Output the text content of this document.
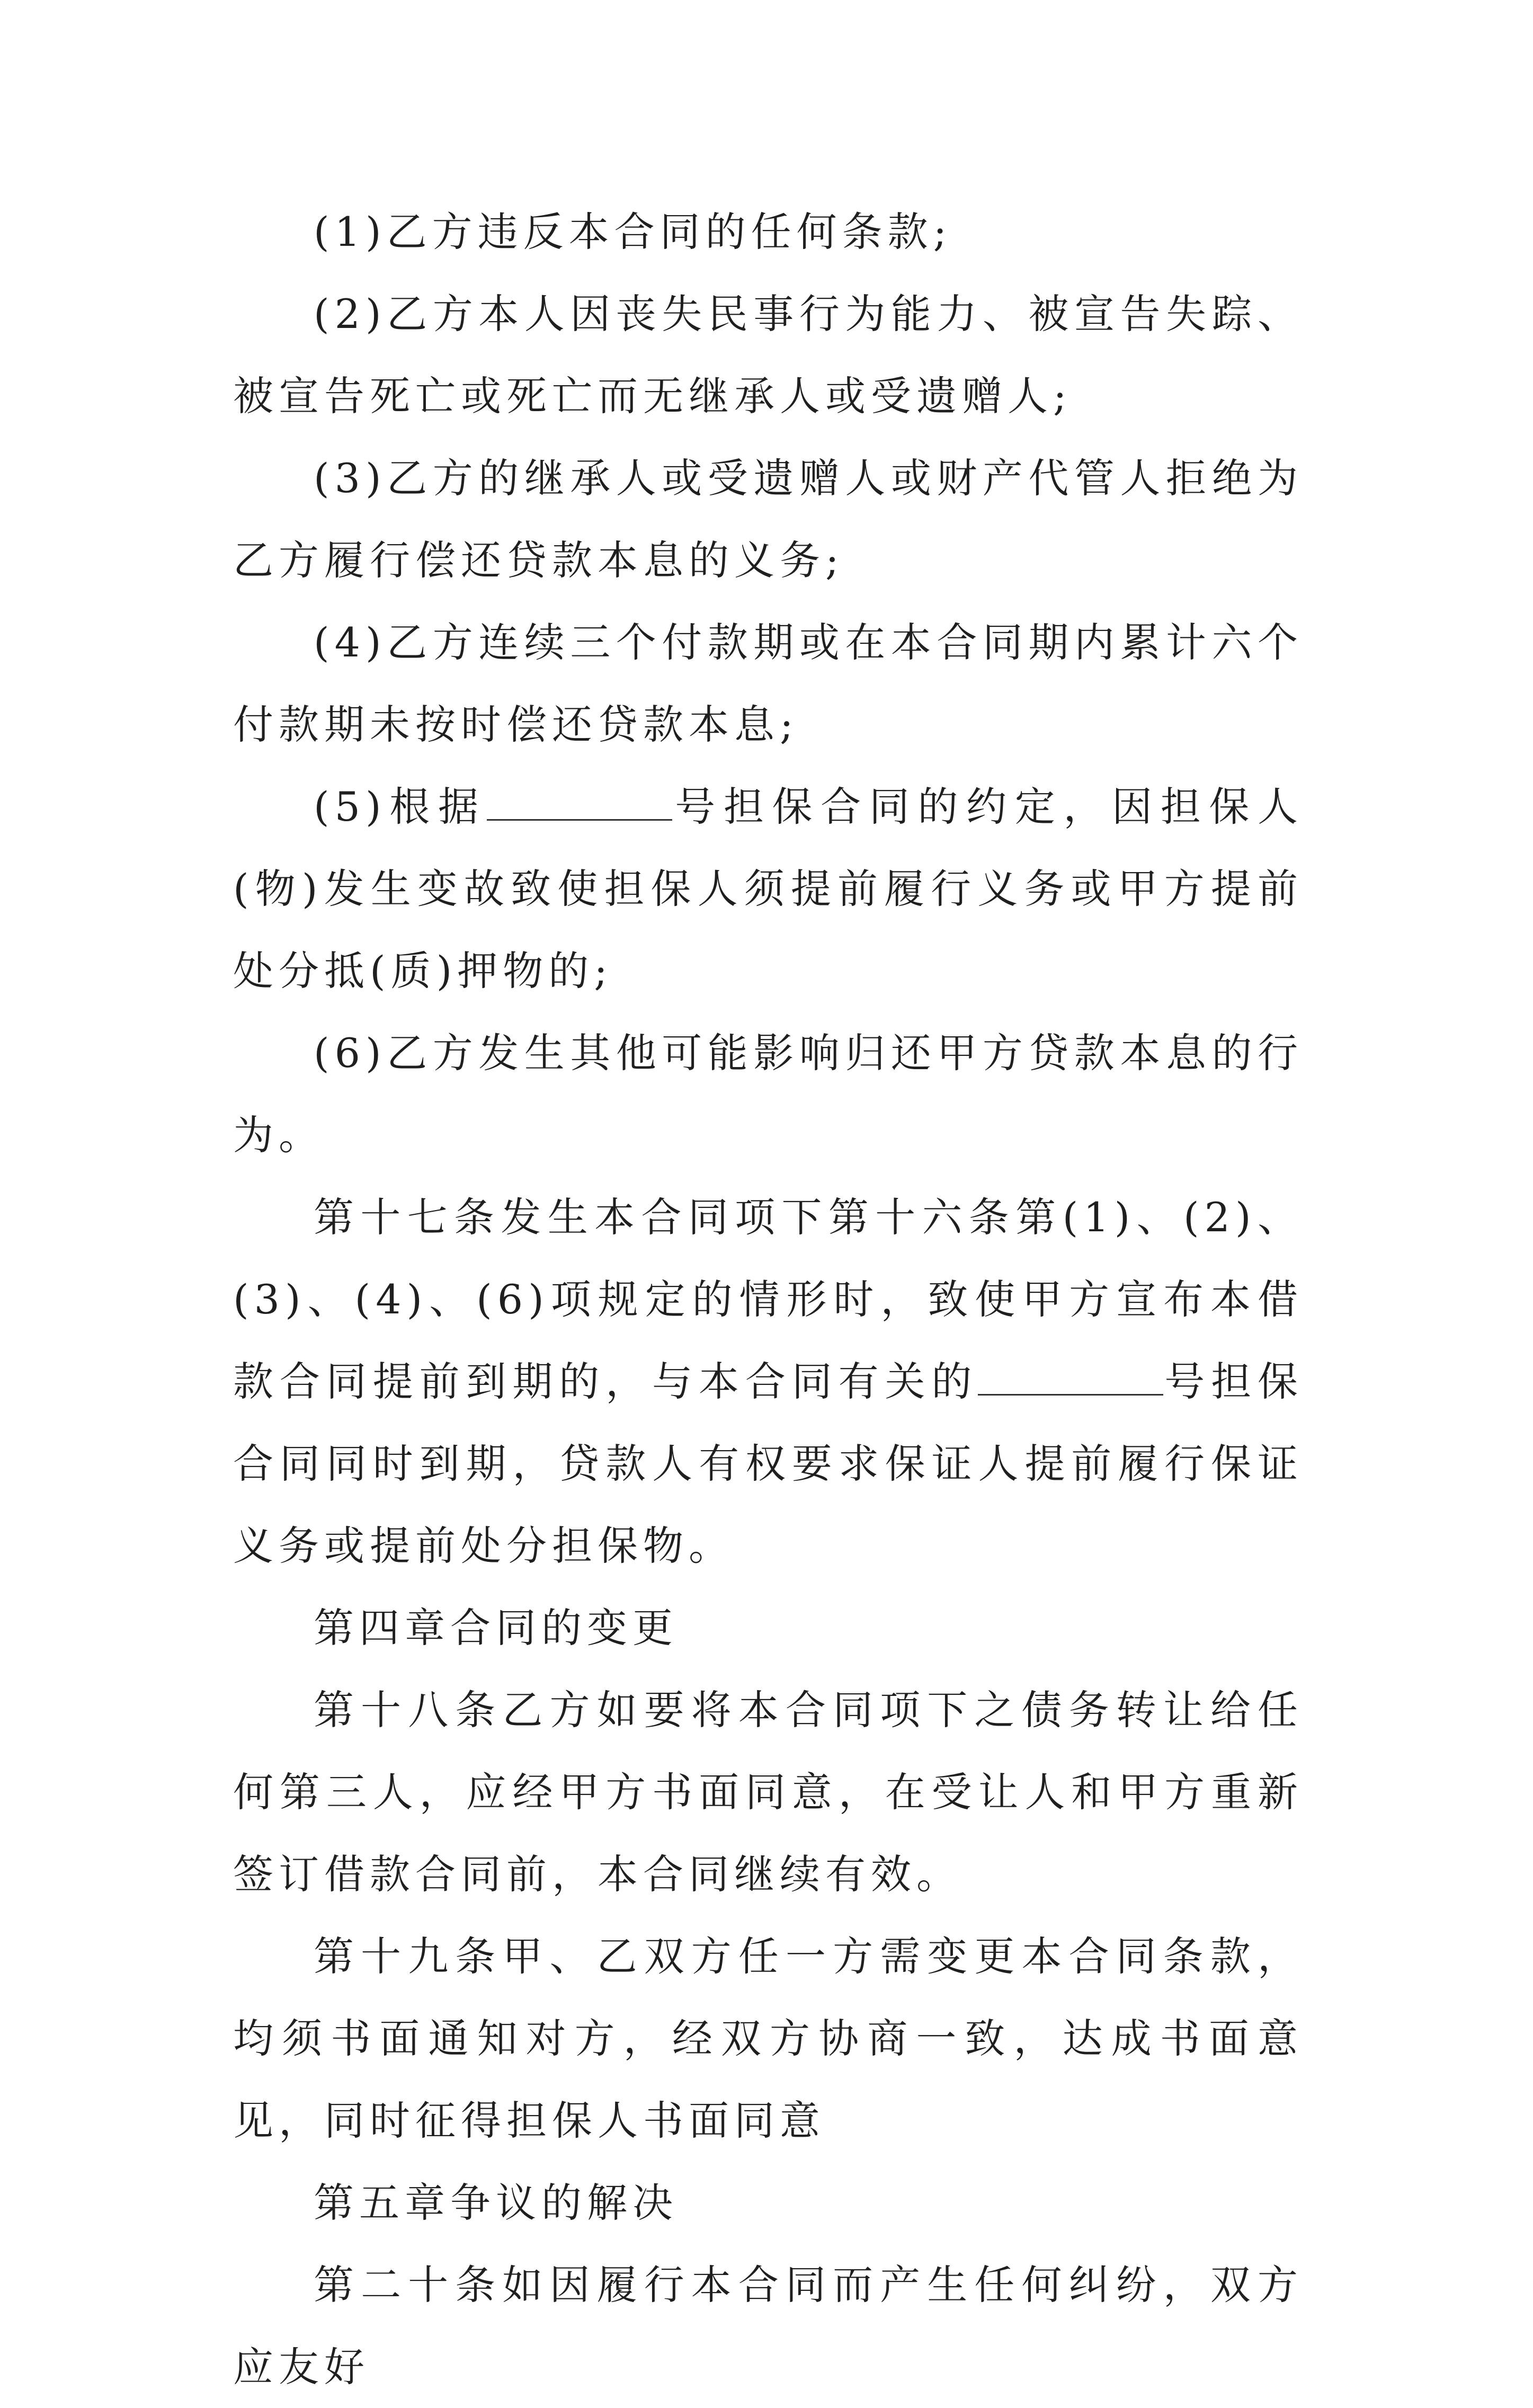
(1)乙方违反本合同的任何条款;

(2)乙方本人因丧失民事行为能力、被宣告失踪、被宣告死亡或死亡而无继承人或受遗赠人;

(3)乙方的继承人或受遗赠人或财产代管人拒绝为乙方履行偿还贷款本息的义务;

(4)乙方连续三个付款期或在本合同期内累计六个付款期未按时偿还贷款本息;

(5)根据	号担保合同的约定，因担保人(物)发生变故致使担保人须提前履行义务或甲方提前处分抵(质)押物的;

(6)乙方发生其他可能影响归还甲方贷款本息的行为。

第十七条发生本合同项下第十六条第(1)、(2)、(3)、(4)、(6)项规定的情形时，致使甲方宣布本借款合同提前到期的，与本合同有关的	号担保合同同时到期，贷款人有权要求保证人提前履行保证义务或提前处分担保物。

第四章合同的变更

第十八条乙方如要将本合同项下之债务转让给任何第三人，应经甲方书面同意，在受让人和甲方重新签订借款合同前，本合同继续有效。

第十九条甲、乙双方任一方需变更本合同条款，均须书面通知对方，经双方协商一致，达成书面意见，同时征得担保人书面同意

第五章争议的解决

第二十条如因履行本合同而产生任何纠纷，双方应友好
